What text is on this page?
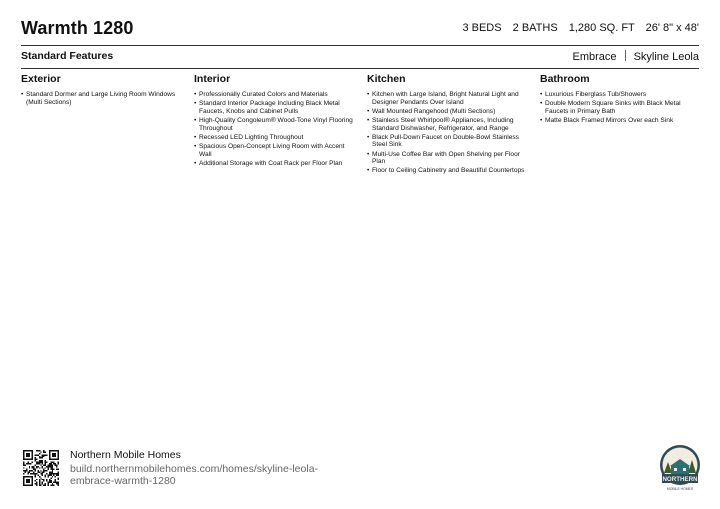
Warmth 1280	3 BEDS 2 BATHS 1,280 SQ. FT 26' 8" x 48'
Standard Features	Embrace Skyline Leola
Exterior
• Standard Dormer and Large Living Room Windows (Multi Sections)
Interior
• Professionally Curated Colors and Materials
• Standard Interior Package Including Black Metal Faucets, Knobs and Cabinet Pulls
• High-Quality Congoleum® Wood-Tone Vinyl Flooring Throughout
• Recessed LED Lighting Throughout
• Spacious Open-Concept Living Room with Accent Wall
• Additional Storage with Coat Rack per Floor Plan
Kitchen
• Kitchen with Large Island, Bright Natural Light and Designer Pendants Over Island
• Wall Mounted Rangehood (Multi Sections)
• Stainless Steel Whirlpool® Appliances, Including Standard Dishwasher, Refrigerator, and Range
• Black Pull-Down Faucet on Double-Bowl Stainless Steel Sink
• Multi-Use Coffee Bar with Open Shelving per Floor Plan
• Floor to Ceiling Cabinetry and Beautiful Countertops
Bathroom
• Luxurious Fiberglass Tub/Showers
• Double Modern Square Sinks with Black Metal Faucets in Primary Bath
• Matte Black Framed Mirrors Over each Sink
Northern Mobile Homes
build.northernmobilehomes.com/homes/skyline-leola-embrace-warmth-1280	NORTHERN
MOBILE HOMES
